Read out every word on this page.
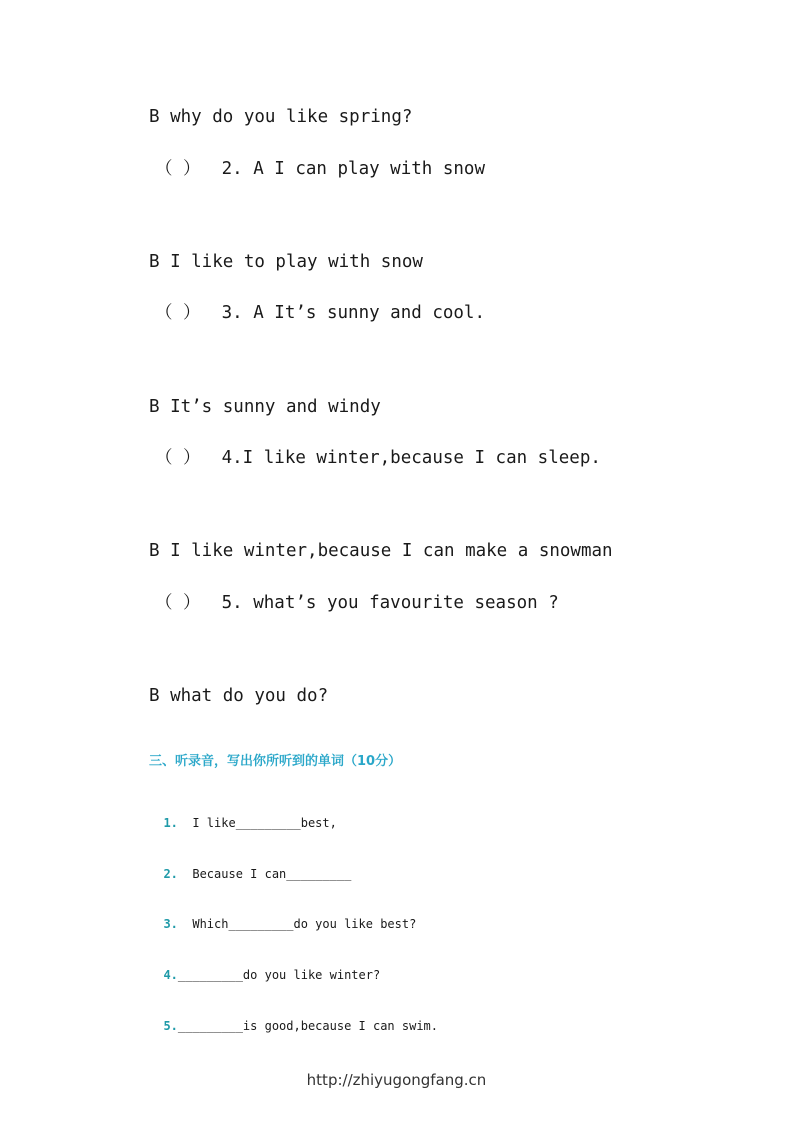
B why do you like spring?
（ ）  2. A I can play with snow
B I like to play with snow
（ ）  3. A It’s sunny and cool.
B It’s sunny and windy
（ ）  4.I like winter,because I can sleep.
B I like winter,because I can make a snowman
（ ）  5. what’s you favourite season ?
B what do you do?
三、听录音，写出你所听到的单词（10分）

1.  I like_________best,

2.  Because I can_________

3.  Which_________do you like best?

4._________do you like winter?

5._________is good,because I can swim.

http://zhiyugongfang.cn
